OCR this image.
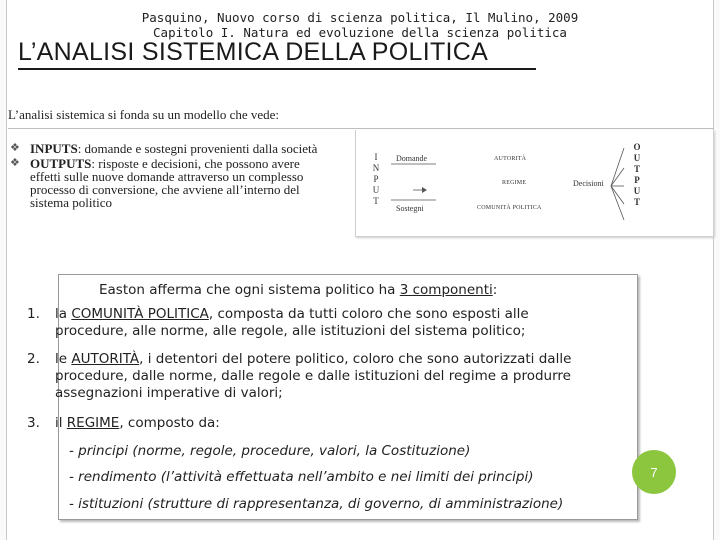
Pasquino, Nuovo corso di scienza politica, Il Mulino, 2009
Capitolo I. Natura ed evoluzione della scienza politica
L’ANALISI SISTEMICA DELLA POLITICA
L’analisi sistemica si fonda su un modello che vede:
❖ INPUTS: domande e sostegni provenienti dalla società
❖ OUTPUTS: risposte e decisioni, che possono avere effetti sulle nuove domande attraverso un complesso processo di conversione, che avviene all’interno del sistema politico
I
N
P
U
T
O
U
T
P
U
T
Domande
Sostegni
AUTORITÀ
REGIME
COMUNITÀ POLITICA
Decisioni
Easton afferma che ogni sistema politico ha 3 componenti:
1. la COMUNITÀ POLITICA, composta da tutti coloro che sono esposti alle procedure, alle norme, alle regole, alle istituzioni del sistema politico;
2. le AUTORITÀ, i detentori del potere politico, coloro che sono autorizzati dalle procedure, dalle norme, dalle regole e dalle istituzioni del regime a produrre assegnazioni imperative di valori;
3. il REGIME, composto da:
- principi (norme, regole, procedure, valori, la Costituzione)
- rendimento (l’attività effettuata nell’ambito e nei limiti dei principi)
- istituzioni (strutture di rappresentanza, di governo, di amministrazione)
7
